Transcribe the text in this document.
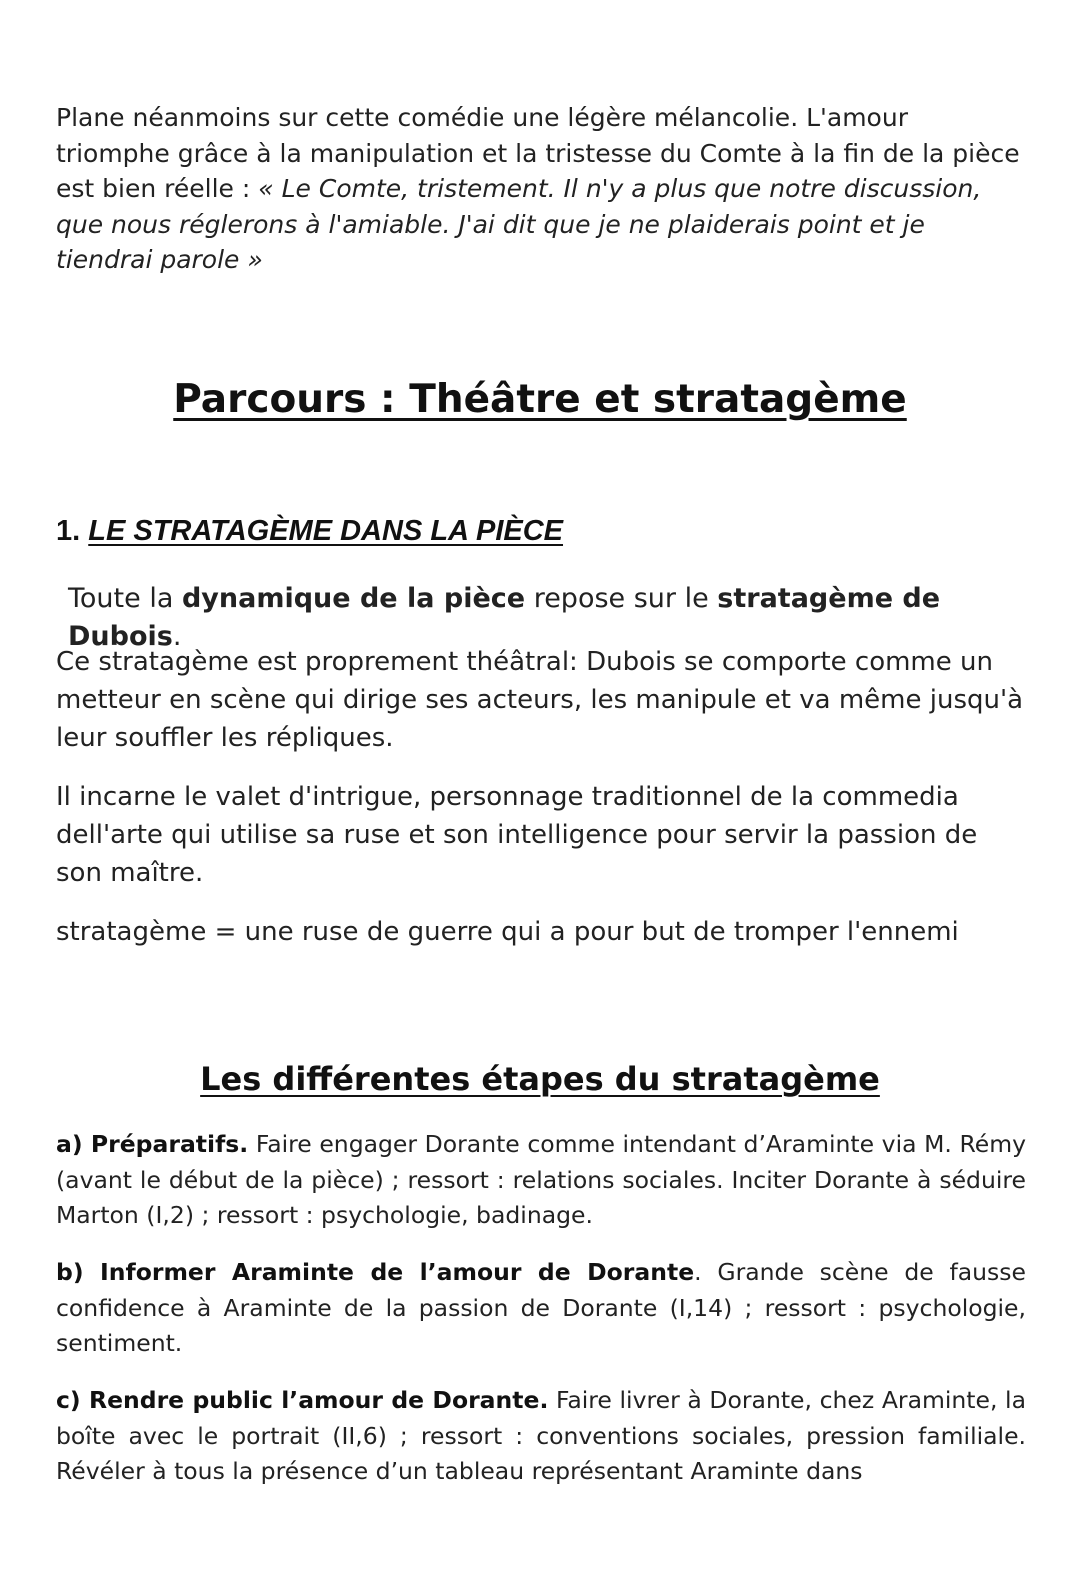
Plane néanmoins sur cette comédie une légère mélancolie. L'amour triomphe grâce à la manipulation et la tristesse du Comte à la fin de la pièce est bien réelle : « Le Comte, tristement. Il n'y a plus que notre discussion, que nous réglerons à l'amiable. J'ai dit que je ne plaiderais point et je tiendrai parole »

Parcours : Théâtre et stratagème
1. LE STRATAGÈME DANS LA PIÈCE

Toute la dynamique de la pièce repose sur le stratagème de Dubois.

Ce stratagème est proprement théâtral: Dubois se comporte comme un metteur en scène qui dirige ses acteurs, les manipule et va même jusqu'à leur souffler les répliques.

Il incarne le valet d'intrigue, personnage traditionnel de la commedia dell'arte qui utilise sa ruse et son intelligence pour servir la passion de son maître.

stratagème = une ruse de guerre qui a pour but de tromper l'ennemi

Les différentes étapes du stratagème

a) Préparatifs. Faire engager Dorante comme intendant d’Araminte via M. Rémy (avant le début de la pièce) ; ressort : relations sociales. Inciter Dorante à séduire Marton (I,2) ; ressort : psychologie, badinage.

b) Informer Araminte de l’amour de Dorante. Grande scène de fausse confidence à Araminte de la passion de Dorante (I,14) ; ressort : psychologie, sentiment.

c) Rendre public l’amour de Dorante. Faire livrer à Dorante, chez Araminte, la boîte avec le portrait (II,6) ; ressort : conventions sociales, pression familiale. Révéler à tous la présence d’un tableau représentant Araminte dans
